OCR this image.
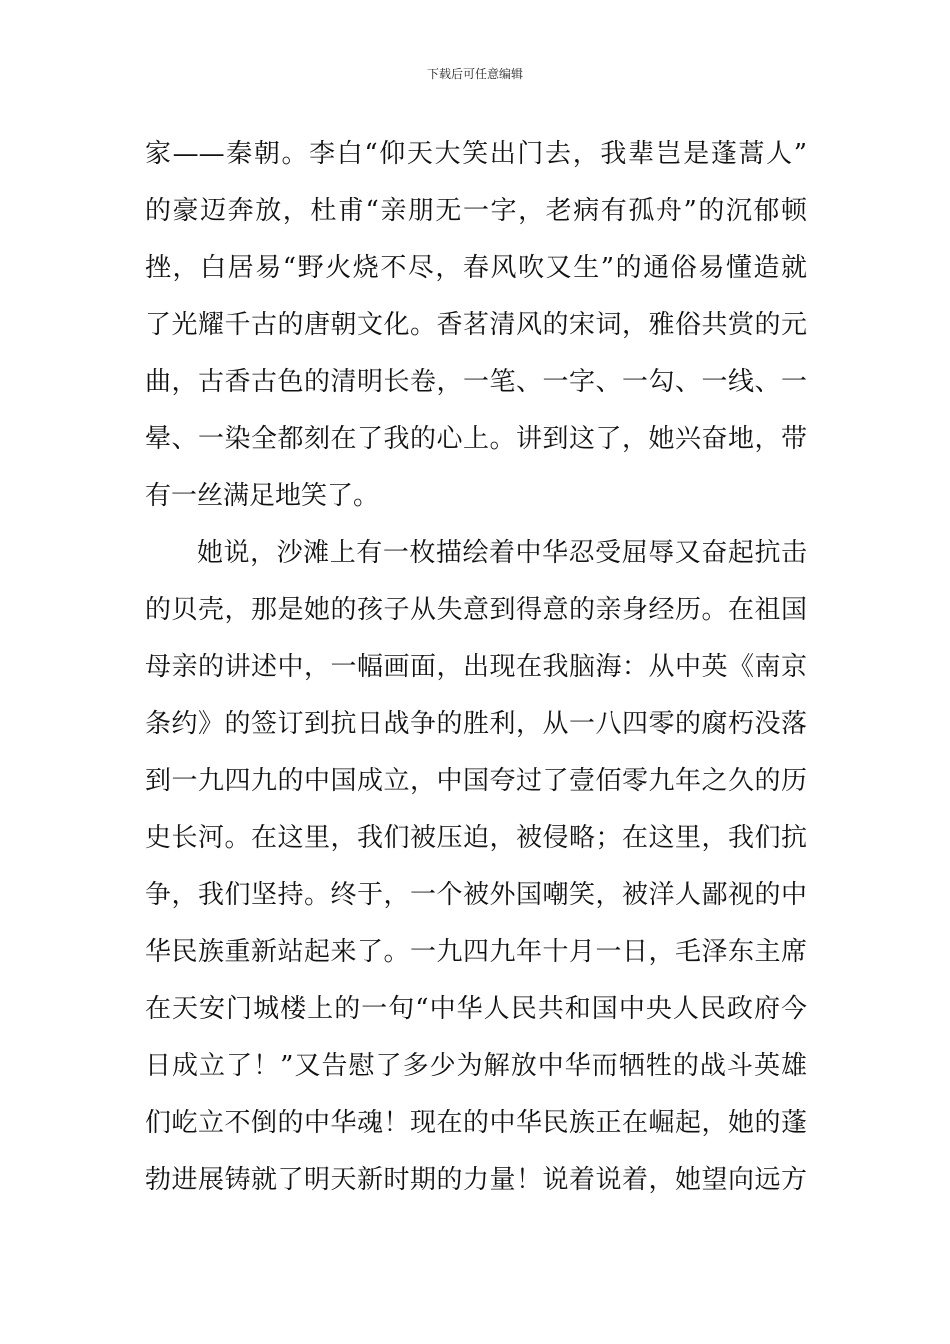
下载后可任意编辑
家——秦朝。李白“仰天大笑出门去，我辈岂是蓬蒿人”
的豪迈奔放，杜甫“亲朋无一字，老病有孤舟”的沉郁顿
挫，白居易“野火烧不尽，春风吹又生”的通俗易懂造就
了光耀千古的唐朝文化。香茗清风的宋词，雅俗共赏的元
曲，古香古色的清明长卷，一笔、一字、一勾、一线、一
晕、一染全都刻在了我的心上。讲到这了，她兴奋地，带
有一丝满足地笑了。
她说，沙滩上有一枚描绘着中华忍受屈辱又奋起抗击
的贝壳，那是她的孩子从失意到得意的亲身经历。在祖国
母亲的讲述中，一幅画面，出现在我脑海：从中英《南京
条约》的签订到抗日战争的胜利，从一八四零的腐朽没落
到一九四九的中国成立，中国夸过了壹佰零九年之久的历
史长河。在这里，我们被压迫，被侵略；在这里，我们抗
争，我们坚持。终于，一个被外国嘲笑，被洋人鄙视的中
华民族重新站起来了。一九四九年十月一日，毛泽东主席
在天安门城楼上的一句“中华人民共和国中央人民政府今
日成立了！”又告慰了多少为解放中华而牺牲的战斗英雄
们屹立不倒的中华魂！现在的中华民族正在崛起，她的蓬
勃进展铸就了明天新时期的力量！说着说着，她望向远方
